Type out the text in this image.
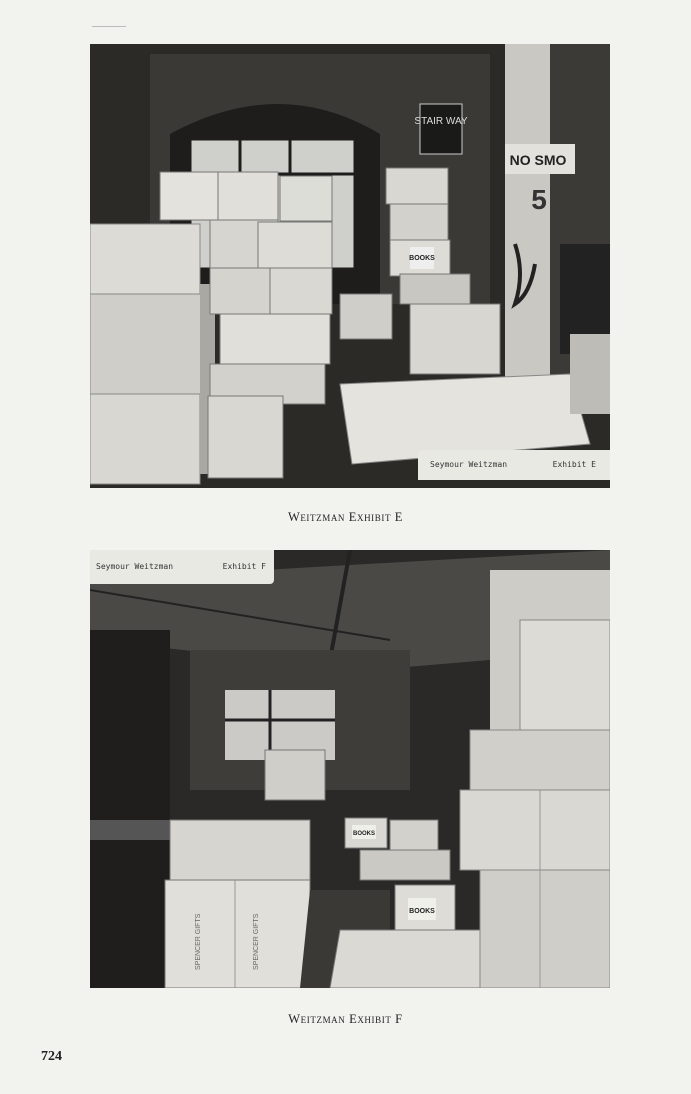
STAIR WAY
NO SMO
5
BOOKS
Seymour Weitzman	Exhibit E
Weitzman Exhibit E
SPENCER GIFTS	SPENCER GIFTS
BOOKS
BOOKS
Seymour Weitzman	Exhibit F
Weitzman Exhibit F
724
